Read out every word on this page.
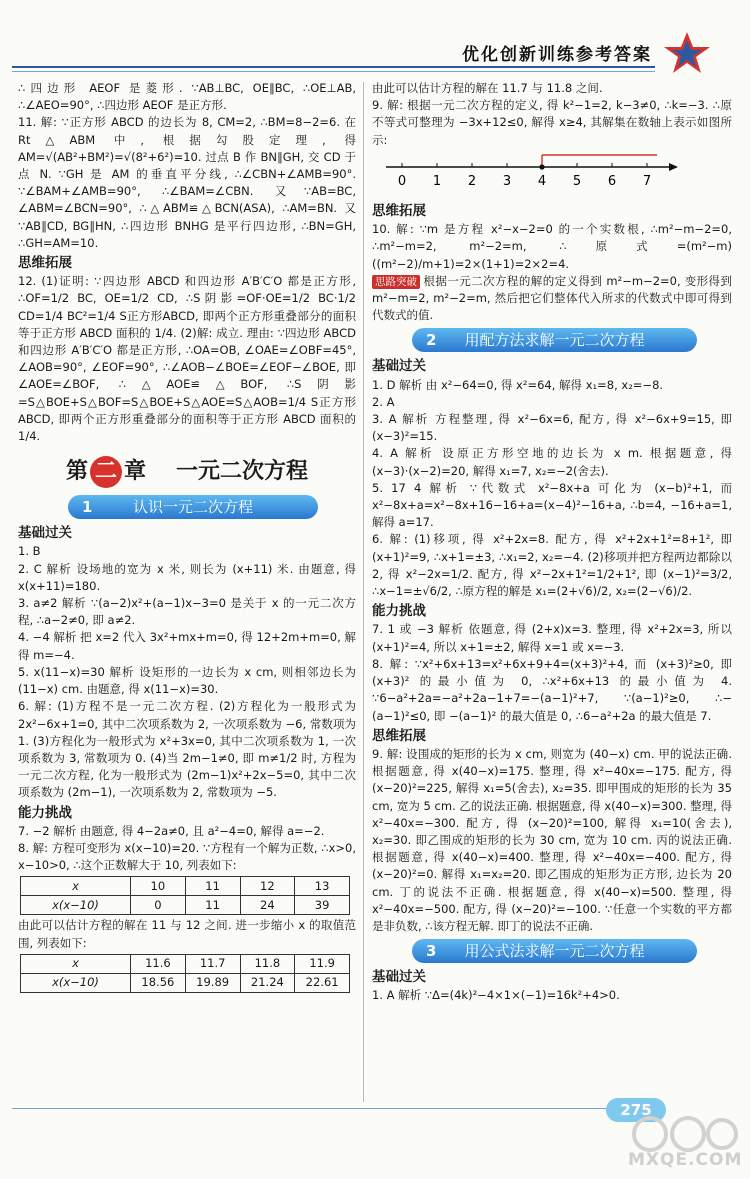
优化创新训练参考答案

∴四边形 AEOF 是菱形. ∵AB⊥BC, OE∥BC, ∴OE⊥AB, ∴∠AEO=90°, ∴四边形 AEOF 是正方形.

11. 解: ∵正方形 ABCD 的边长为 8, CM=2, ∴BM=8−2=6. 在 Rt△ABM 中, 根据勾股定理, 得 AM=√(AB²+BM²)=√(8²+6²)=10. 过点 B 作 BN∥GH, 交 CD 于点 N. ∵GH 是 AM 的垂直平分线, ∴∠CBN+∠AMB=90°. ∵∠BAM+∠AMB=90°, ∴∠BAM=∠CBN. 又∵AB=BC, ∠ABM=∠BCN=90°, ∴△ABM≌△BCN(ASA), ∴AM=BN. 又∵AB∥CD, BG∥HN, ∴四边形 BNHG 是平行四边形, ∴BN=GH, ∴GH=AM=10.

思维拓展

12. (1)证明: ∵四边形 ABCD 和四边形 A′B′C′O 都是正方形, ∴OF=1/2 BC, OE=1/2 CD, ∴S阴影=OF·OE=1/2 BC·1/2 CD=1/4 BC²=1/4 S正方形ABCD, 即两个正方形重叠部分的面积等于正方形 ABCD 面积的 1/4. (2)解: 成立. 理由: ∵四边形 ABCD 和四边形 A′B′C′O 都是正方形, ∴OA=OB, ∠OAE=∠OBF=45°, ∠AOB=90°, ∠EOF=90°, ∴∠AOB−∠BOE=∠EOF−∠BOE, 即 ∠AOE=∠BOF, ∴△AOE≌△BOF, ∴S阴影=S△BOE+S△BOF=S△BOE+S△AOE=S△AOB=1/4 S正方形ABCD, 即两个正方形重叠部分的面积等于正方形 ABCD 面积的 1/4.

第 二 章 一元二次方程
1	认识一元二次方程
基础过关

1. B

2. C 解析 设场地的宽为 x 米, 则长为 (x+11) 米. 由题意, 得 x(x+11)=180.

3. a≠2 解析 ∵(a−2)x²+(a−1)x−3=0 是关于 x 的一元二次方程, ∴a−2≠0, 即 a≠2.

4. −4 解析 把 x=2 代入 3x²+mx+m=0, 得 12+2m+m=0, 解得 m=−4.

5. x(11−x)=30 解析 设矩形的一边长为 x cm, 则相邻边长为 (11−x) cm. 由题意, 得 x(11−x)=30.

6. 解: (1)方程不是一元二次方程. (2)方程化为一般形式为 2x²−6x+1=0, 其中二次项系数为 2, 一次项系数为 −6, 常数项为 1. (3)方程化为一般形式为 x²+3x=0, 其中二次项系数为 1, 一次项系数为 3, 常数项为 0. (4)当 2m−1≠0, 即 m≠1/2 时, 方程为一元二次方程, 化为一般形式为 (2m−1)x²+2x−5=0, 其中二次项系数为 (2m−1), 一次项系数为 2, 常数项为 −5.

能力挑战

7. −2 解析 由题意, 得 4−2a≠0, 且 a²−4=0, 解得 a=−2.

8. 解: 方程可变形为 x(x−10)=20. ∵方程有一个解为正数, ∴x>0, x−10>0, ∴这个正数解大于 10, 列表如下:

x	10	11	12	13
x(x−10)	0	11	24	39

由此可以估计方程的解在 11 与 12 之间. 进一步缩小 x 的取值范围, 列表如下:

x	11.6	11.7	11.8	11.9
x(x−10)	18.56	19.89	21.24	22.61

由此可以估计方程的解在 11.7 与 11.8 之间.

9. 解: 根据一元二次方程的定义, 得 k²−1=2, k−3≠0, ∴k=−3. ∴原不等式可整理为 −3x+12≤0, 解得 x≥4, 其解集在数轴上表示如图所示:

0 1 2 3 4 5 6 7
思维拓展

10. 解: ∵m 是方程 x²−x−2=0 的一个实数根, ∴m²−m−2=0, ∴m²−m=2, m²−2=m, ∴原式=(m²−m)((m²−2)/m+1)=2×(1+1)=2×2=4.

思路突破 根据一元二次方程的解的定义得到 m²−m−2=0, 变形得到 m²−m=2, m²−2=m, 然后把它们整体代入所求的代数式中即可得到代数式的值.

2 用配方法求解一元二次方程
基础过关

1. D 解析 由 x²−64=0, 得 x²=64, 解得 x₁=8, x₂=−8.

2. A

3. A 解析 方程整理, 得 x²−6x=6, 配方, 得 x²−6x+9=15, 即 (x−3)²=15.

4. A 解析 设原正方形空地的边长为 x m. 根据题意, 得 (x−3)·(x−2)=20, 解得 x₁=7, x₂=−2(舍去).

5. 17 4 解析 ∵代数式 x²−8x+a 可化为 (x−b)²+1, 而 x²−8x+a=x²−8x+16−16+a=(x−4)²−16+a, ∴b=4, −16+a=1, 解得 a=17.

6. 解: (1)移项, 得 x²+2x=8. 配方, 得 x²+2x+1²=8+1², 即 (x+1)²=9, ∴x+1=±3, ∴x₁=2, x₂=−4. (2)移项并把方程两边都除以 2, 得 x²−2x=1/2. 配方, 得 x²−2x+1²=1/2+1², 即 (x−1)²=3/2, ∴x−1=±√6/2, ∴原方程的解是 x₁=(2+√6)/2, x₂=(2−√6)/2.

能力挑战

7. 1 或 −3 解析 依题意, 得 (2+x)x=3. 整理, 得 x²+2x=3, 所以 (x+1)²=4, 所以 x+1=±2, 解得 x=1 或 x=−3.

8. 解: ∵x²+6x+13=x²+6x+9+4=(x+3)²+4, 而 (x+3)²≥0, 即 (x+3)² 的最小值为 0, ∴x²+6x+13 的最小值为 4. ∵6−a²+2a=−a²+2a−1+7=−(a−1)²+7, ∵(a−1)²≥0, ∴−(a−1)²≤0, 即 −(a−1)² 的最大值是 0, ∴6−a²+2a 的最大值是 7.

思维拓展

9. 解: 设围成的矩形的长为 x cm, 则宽为 (40−x) cm. 甲的说法正确. 根据题意, 得 x(40−x)=175. 整理, 得 x²−40x=−175. 配方, 得 (x−20)²=225, 解得 x₁=5(舍去), x₂=35. 即甲围成的矩形的长为 35 cm, 宽为 5 cm. 乙的说法正确. 根据题意, 得 x(40−x)=300. 整理, 得 x²−40x=−300. 配方, 得 (x−20)²=100, 解得 x₁=10(舍去), x₂=30. 即乙围成的矩形的长为 30 cm, 宽为 10 cm. 丙的说法正确. 根据题意, 得 x(40−x)=400. 整理, 得 x²−40x=−400. 配方, 得 (x−20)²=0. 解得 x₁=x₂=20. 即乙围成的矩形为正方形, 边长为 20 cm. 丁的说法不正确. 根据题意, 得 x(40−x)=500. 整理, 得 x²−40x=−500. 配方, 得 (x−20)²=−100. ∵任意一个实数的平方都是非负数, ∴该方程无解. 即丁的说法不正确.

3 用公式法求解一元二次方程
基础过关

1. A 解析 ∵Δ=(4k)²−4×1×(−1)=16k²+4>0.

275
MXQE.COM
